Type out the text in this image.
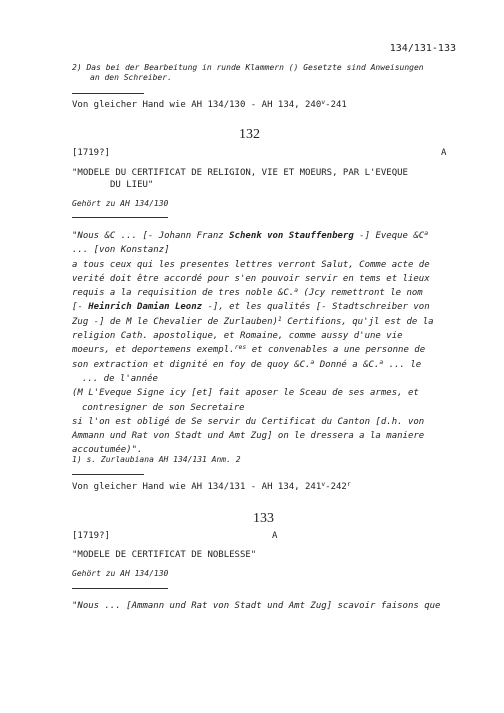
134/131-133
2) Das bei der Bearbeitung in runde Klammern () Gesetzte sind Anweisungen
an den Schreiber.
Von gleicher Hand wie AH 134/130 - AH 134, 240$^v$-241
132
[1719?]	A
"MODELE DU CERTIFICAT DE RELIGION, VIE ET MOEURS, PAR L'EVEQUE
DU LIEU"
Gehört zu AH 134/130
"Nous &C ... [- Johann Franz Schenk von Stauffenberg -] Eveque $\&C^a$
... [von Konstanz]
a tous ceux qui les presentes lettres verront Salut, Comme acte de
verité doit être accordé pour s'en pouvoir servir en tems et lieux
requis a la requisition de tres noble &C.$^a$ (Jcy remettront le nom
[- Heinrich Damian Leonz -], et les qualités [- Stadtschreiber von
Zug -] de M le Chevalier de Zurlauben)$^1$ Certifions, qu'jl est de la
religion Cath. apostolique, et Romaine, comme aussy d'une vie
moeurs, et deportemens exempl.$^{res}$ et convenables a une personne de
son extraction et dignité en foy de quoy &C.$^a$ Donné a &C.$^a$ ... le
... de l'année
(M L'Eveque Signe icy [et] fait aposer le Sceau de ses armes, et
contresigner de son Secretaire
si l'on est obligé de Se servir du Certificat du Canton [d.h. von
Ammann und Rat von Stadt und Amt Zug] on le dressera a la maniere
accoutumée)".
1) s. Zurlaubiana AH 134/131 Anm. 2
Von gleicher Hand wie AH 134/131 - AH 134, 241$^v$-242$^r$
133
[1719?]	A
"MODELE DE CERTIFICAT DE NOBLESSE"
Gehört zu AH 134/130
"Nous ... [Ammann und Rat von Stadt und Amt Zug] scavoir faisons que
